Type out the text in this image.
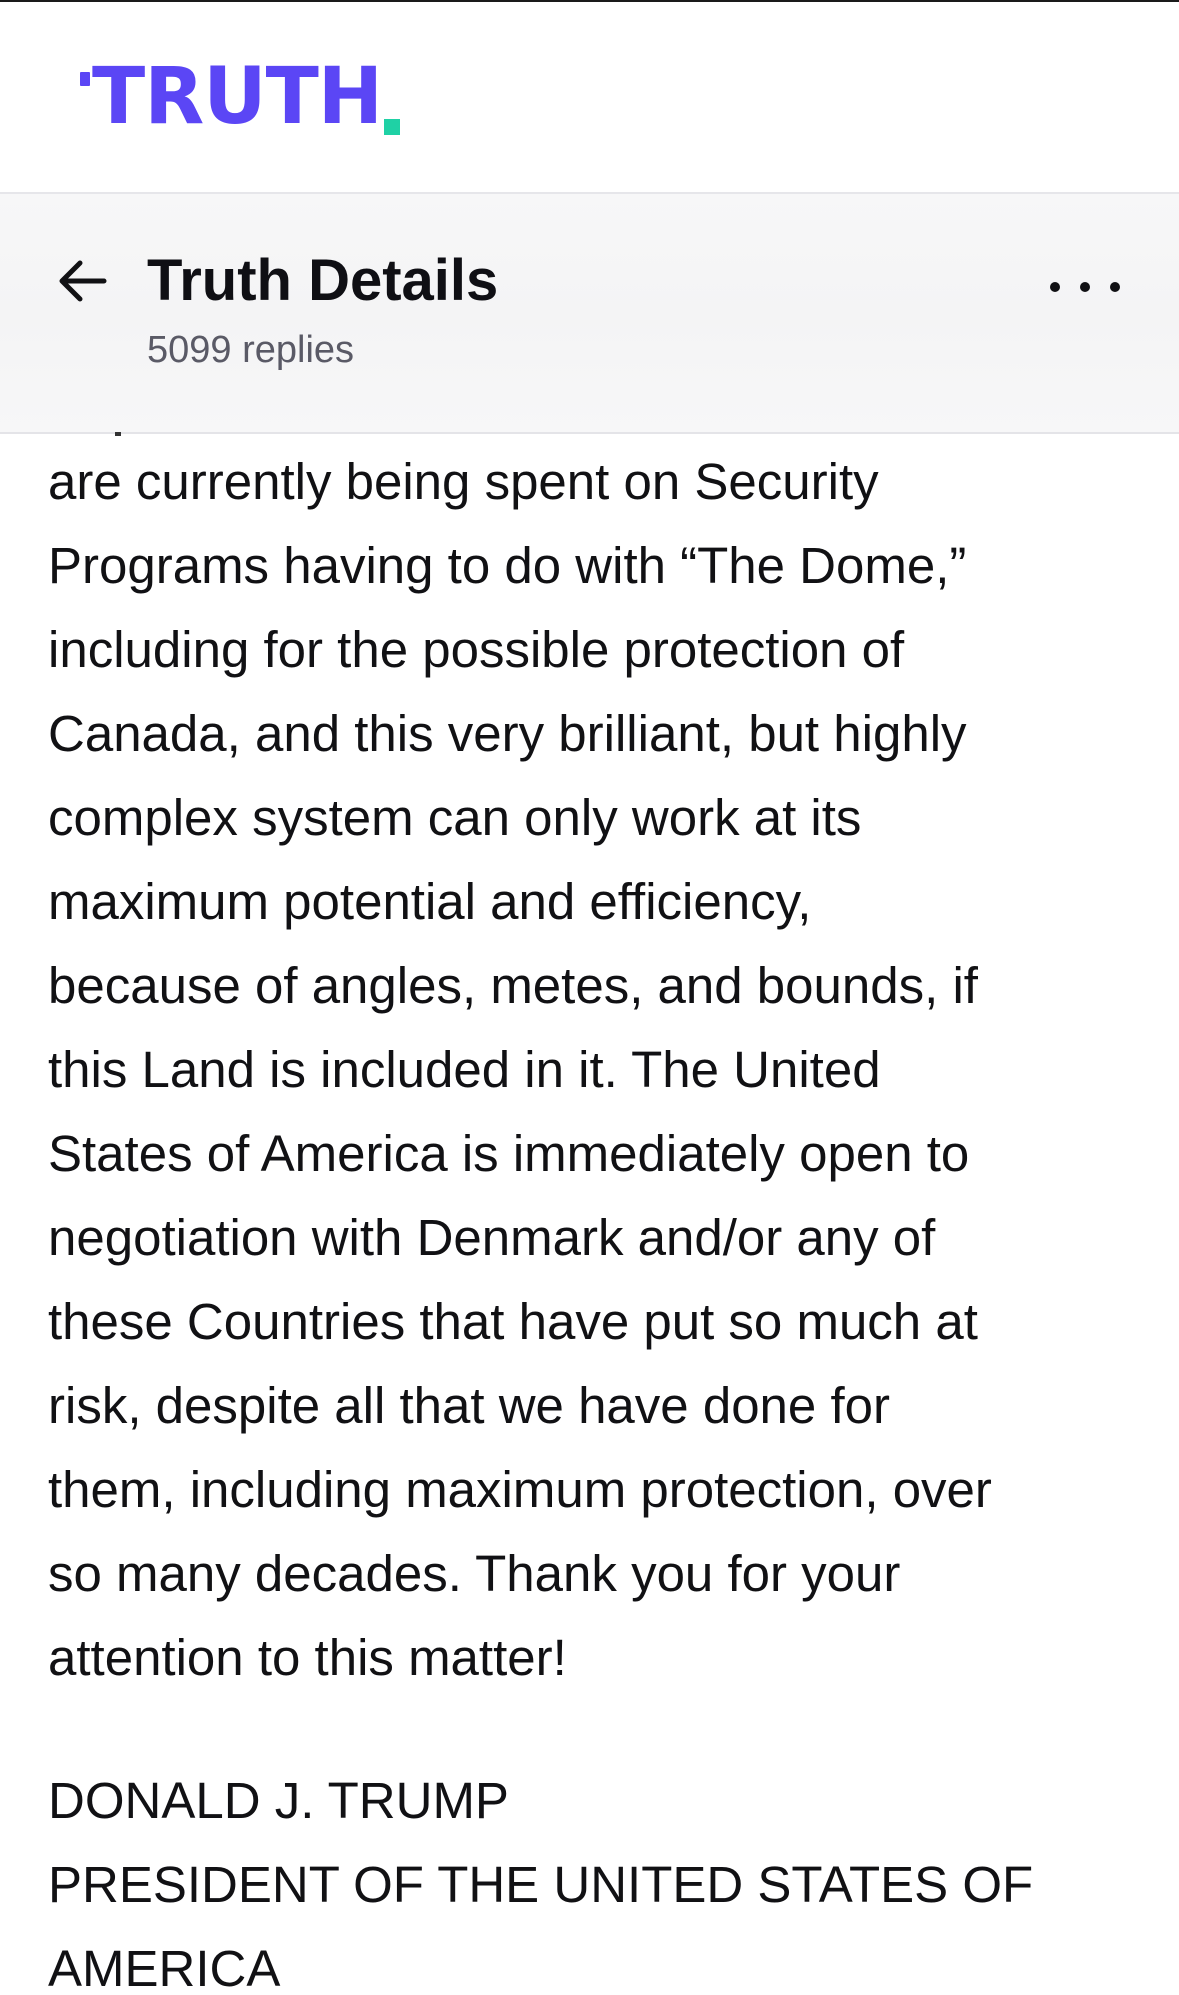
TRUTH
Truth Details
5099 replies
are currently being spent on Security
Programs having to do with “The Dome,”
including for the possible protection of
Canada, and this very brilliant, but highly
complex system can only work at its
maximum potential and efficiency,
because of angles, metes, and bounds, if
this Land is included in it. The United
States of America is immediately open to
negotiation with Denmark and/or any of
these Countries that have put so much at
risk, despite all that we have done for
them, including maximum protection, over
so many decades. Thank you for your
attention to this matter!
DONALD J. TRUMP
PRESIDENT OF THE UNITED STATES OF
AMERICA
